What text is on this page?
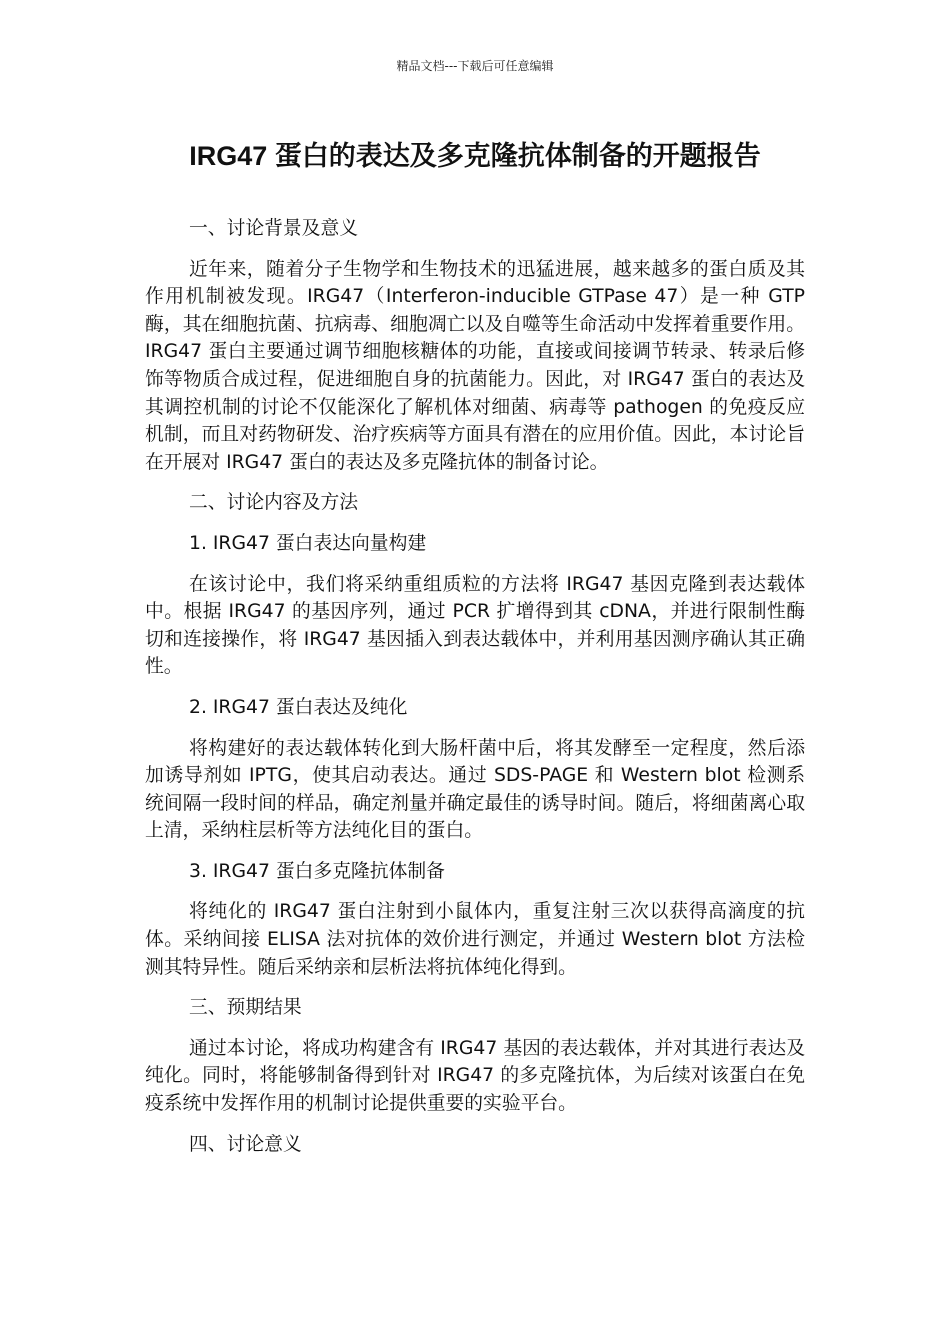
精品文档---下载后可任意编辑
IRG47 蛋白的表达及多克隆抗体制备的开题报告

一、讨论背景及意义

近年来，随着分子生物学和生物技术的迅猛进展，越来越多的蛋白质及其作用机制被发现。IRG47（Interferon-inducible GTPase 47）是一种 GTP 酶，其在细胞抗菌、抗病毒、细胞凋亡以及自噬等生命活动中发挥着重要作用。IRG47 蛋白主要通过调节细胞核糖体的功能，直接或间接调节转录、转录后修饰等物质合成过程，促进细胞自身的抗菌能力。因此，对 IRG47 蛋白的表达及其调控机制的讨论不仅能深化了解机体对细菌、病毒等 pathogen 的免疫反应机制，而且对药物研发、治疗疾病等方面具有潜在的应用价值。因此，本讨论旨在开展对 IRG47 蛋白的表达及多克隆抗体的制备讨论。

二、讨论内容及方法

1. IRG47 蛋白表达向量构建

在该讨论中，我们将采纳重组质粒的方法将 IRG47 基因克隆到表达载体中。根据 IRG47 的基因序列，通过 PCR 扩增得到其 cDNA，并进行限制性酶切和连接操作，将 IRG47 基因插入到表达载体中，并利用基因测序确认其正确性。

2. IRG47 蛋白表达及纯化

将构建好的表达载体转化到大肠杆菌中后，将其发酵至一定程度，然后添加诱导剂如 IPTG，使其启动表达。通过 SDS-PAGE 和 Western blot 检测系统间隔一段时间的样品，确定剂量并确定最佳的诱导时间。随后，将细菌离心取上清，采纳柱层析等方法纯化目的蛋白。

3. IRG47 蛋白多克隆抗体制备

将纯化的 IRG47 蛋白注射到小鼠体内，重复注射三次以获得高滴度的抗体。采纳间接 ELISA 法对抗体的效价进行测定，并通过 Western blot 方法检测其特异性。随后采纳亲和层析法将抗体纯化得到。

三、预期结果

通过本讨论，将成功构建含有 IRG47 基因的表达载体，并对其进行表达及纯化。同时，将能够制备得到针对 IRG47 的多克隆抗体，为后续对该蛋白在免疫系统中发挥作用的机制讨论提供重要的实验平台。

四、讨论意义
